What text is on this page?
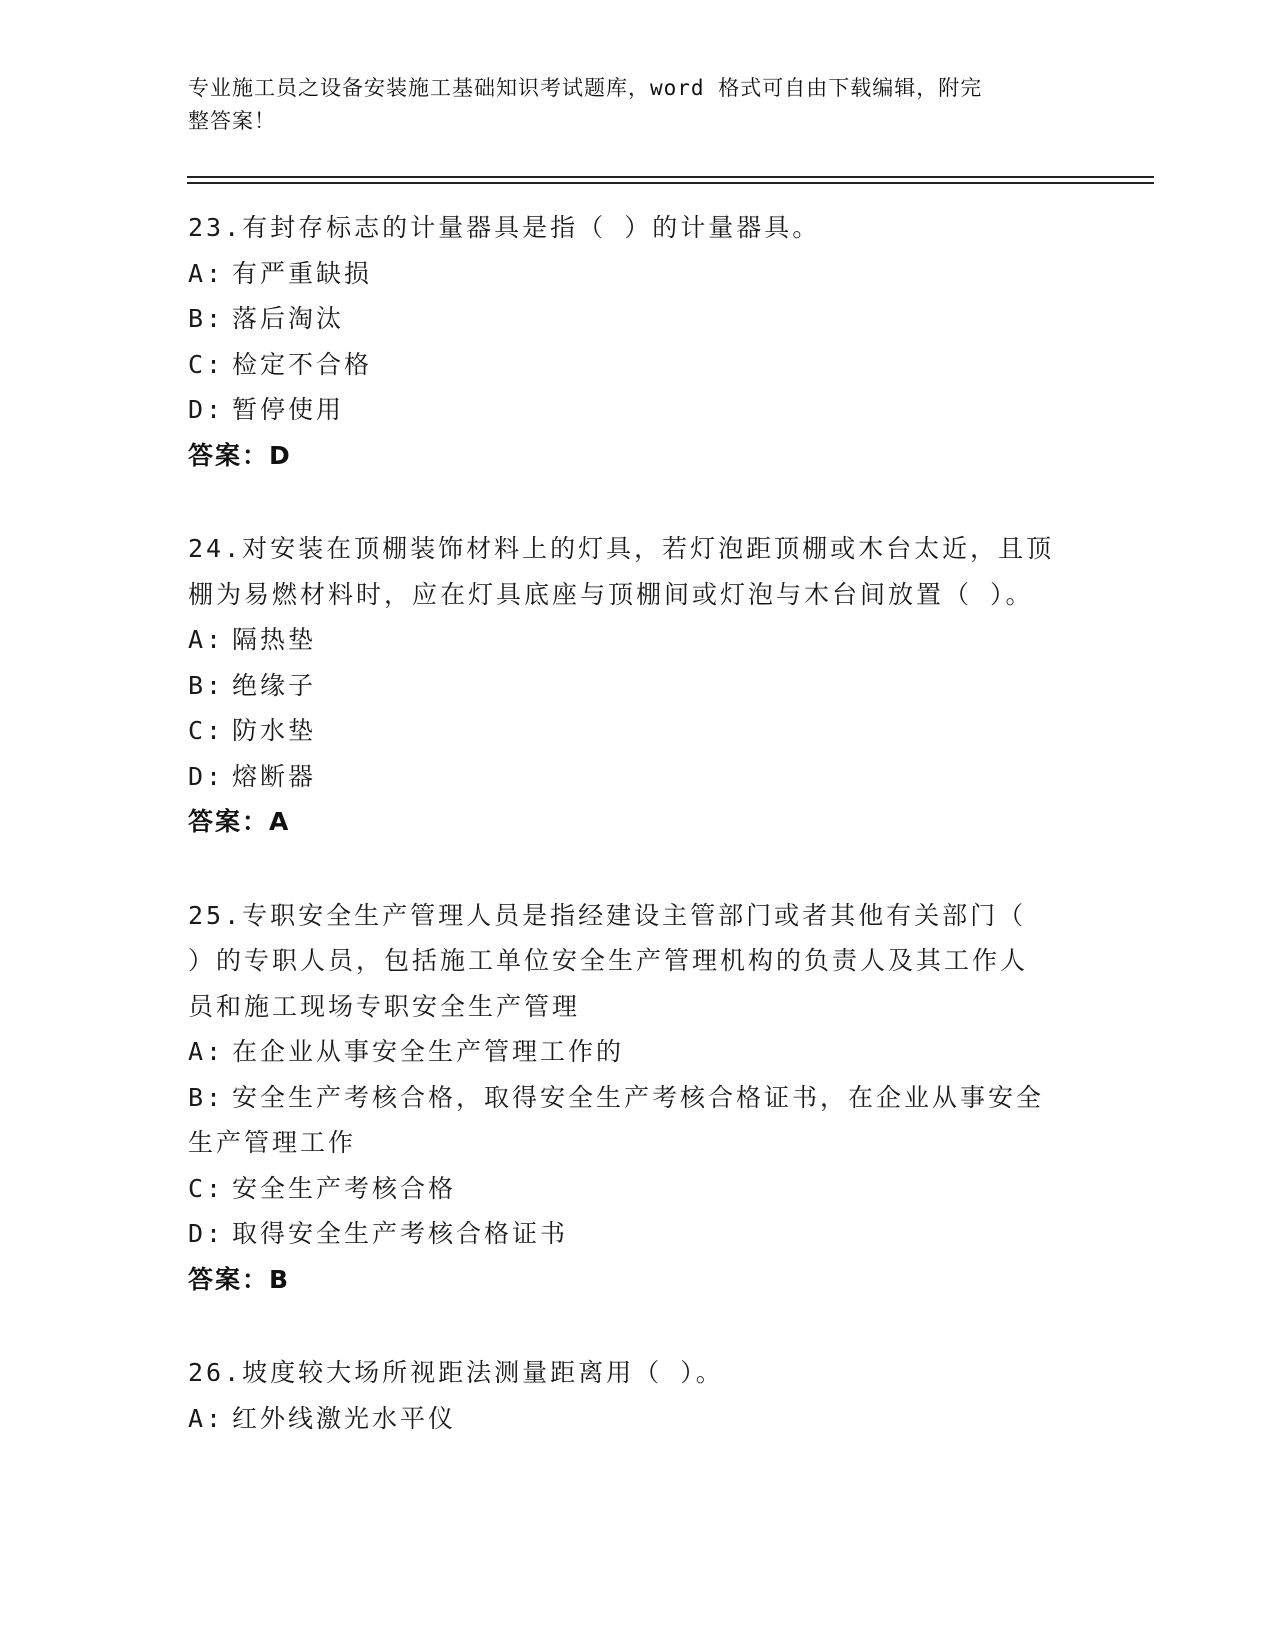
专业施工员之设备安装施工基础知识考试题库，word 格式可自由下载编辑，附完
整答案！
23.有封存标志的计量器具是指（ ）的计量器具。
A: 有严重缺损
B: 落后淘汰
C: 检定不合格
D: 暂停使用
答案：D
24.对安装在顶棚装饰材料上的灯具，若灯泡距顶棚或木台太近，且顶
棚为易燃材料时，应在灯具底座与顶棚间或灯泡与木台间放置（ ）。
A: 隔热垫
B: 绝缘子
C: 防水垫
D: 熔断器
答案：A
25.专职安全生产管理人员是指经建设主管部门或者其他有关部门（
）的专职人员，包括施工单位安全生产管理机构的负责人及其工作人
员和施工现场专职安全生产管理
A: 在企业从事安全生产管理工作的
B: 安全生产考核合格，取得安全生产考核合格证书，在企业从事安全
生产管理工作
C: 安全生产考核合格
D: 取得安全生产考核合格证书
答案：B
26.坡度较大场所视距法测量距离用（ ）。
A: 红外线激光水平仪
